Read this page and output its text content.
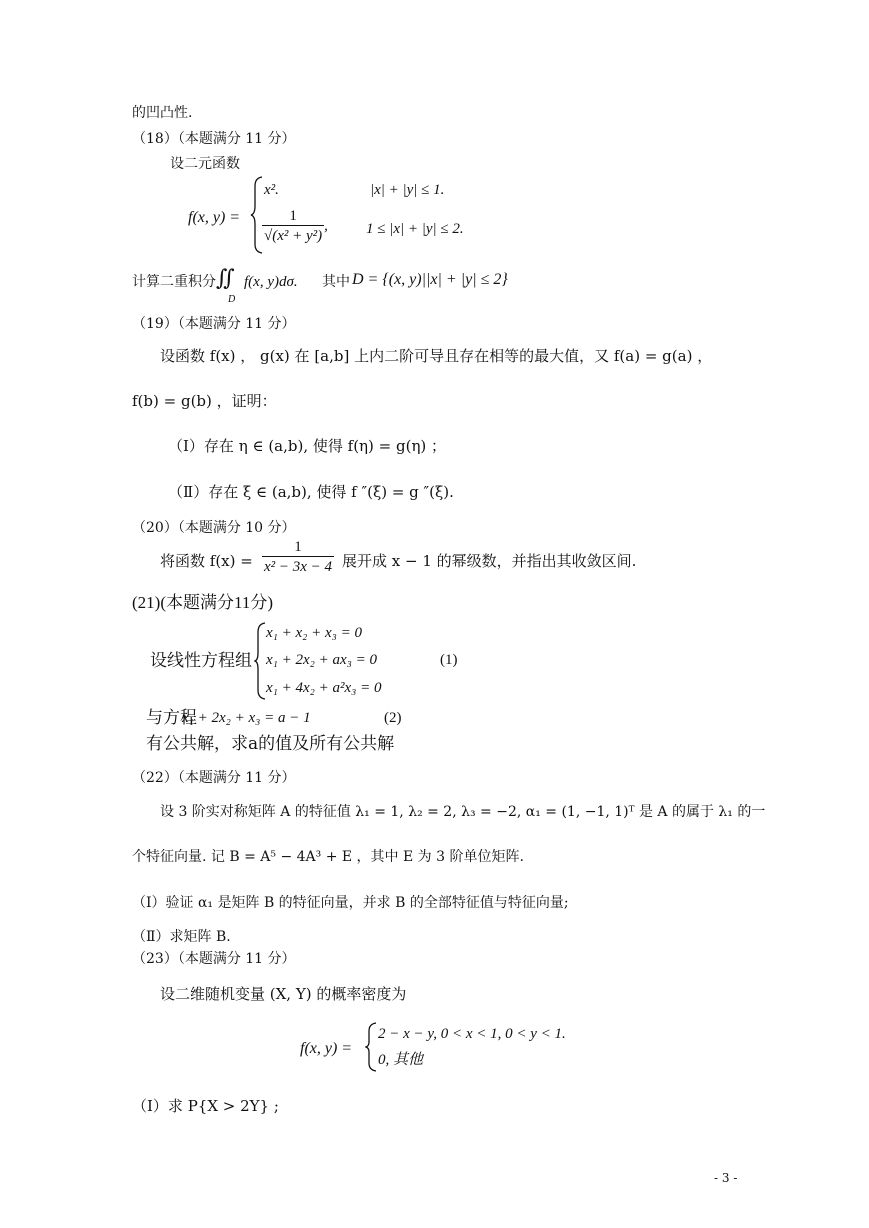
的凹凸性.
（18）（本题满分 11 分）
设二元函数
f(x, y) =
x².	|x| + |y| ≤ 1.
$\frac{1}{\text{√(x² + y²)}}$ ,	1 ≤ |x| + |y| ≤ 2.
计算二重积分 ∬
D
f(x, y)dσ. 其中 D = {(x, y)||x| + |y| ≤ 2}
（19）（本题满分 11 分）
设函数 f(x) ， g(x) 在 [a,b] 上内二阶可导且存在相等的最大值，又 f(a) = g(a) ，
f(b) = g(b) ，证明：
（Ⅰ）存在 η ∈ (a,b), 使得 f(η) = g(η) ；
（Ⅱ）存在 ξ ∈ (a,b), 使得 f ″(ξ) = g ″(ξ).
（20）（本题满分 10 分）
将函数 $f(x) = \frac{1}{\text{x² − 3x − 4}}$ 展开成 x − 1 的幂级数，并指出其收敛区间.
(21)(本题满分11分)
设线性方程组
x₁ + x₂ + x₃ = 0
x₁ + 2x₂ + ax₃ = 0
x₁ + 4x₂ + a²x₃ = 0
(1)
与方程
x₁ + 2x₂ + x₃ = a − 1	(2)
有公共解，求a的值及所有公共解
（22）（本题满分 11 分）
设 3 阶实对称矩阵 A 的特征值 λ₁ = 1, λ₂ = 2, λ₃ = −2, α₁ = (1, −1, 1)ᵀ 是 A 的属于 λ₁ 的一
个特征向量. 记 B = A⁵ − 4A³ + E ，其中 E 为 3 阶单位矩阵.
（Ⅰ）验证 α₁ 是矩阵 B 的特征向量，并求 B 的全部特征值与特征向量;
（Ⅱ）求矩阵 B.
（23）（本题满分 11 分）
设二维随机变量 (X, Y) 的概率密度为
f(x, y) =
2 − x − y, 0 < x < 1, 0 < y < 1.
0, 其他
（Ⅰ）求 P{X > 2Y} ;
- 3 -
